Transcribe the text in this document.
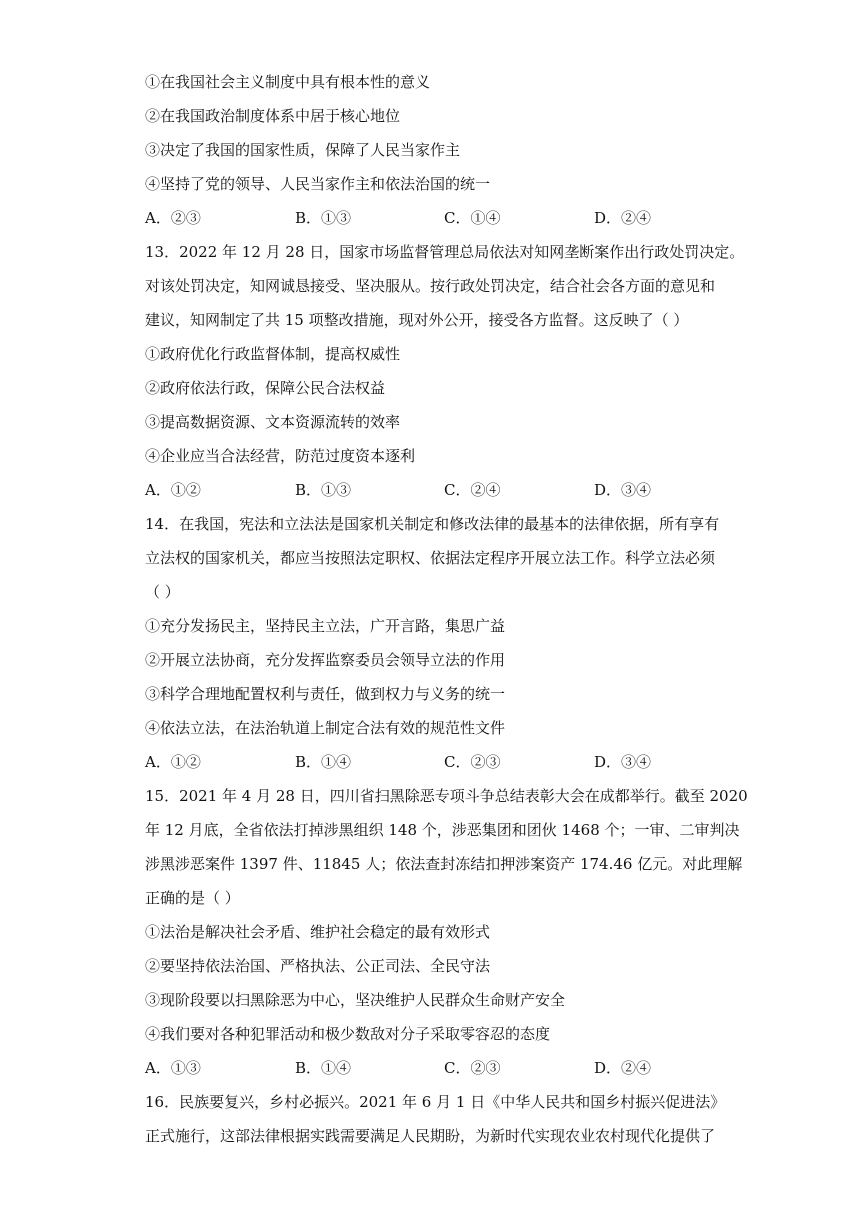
①在我国社会主义制度中具有根本性的意义
②在我国政治制度体系中居于核心地位
③决定了我国的国家性质，保障了人民当家作主
④坚持了党的领导、人民当家作主和依法治国的统一
A．②③	B．①③	C．①④	D．②④
13．2022 年 12 月 28 日，国家市场监督管理总局依法对知网垄断案作出行政处罚决定。
对该处罚决定，知网诚恳接受、坚决服从。按行政处罚决定，结合社会各方面的意见和
建议，知网制定了共 15 项整改措施，现对外公开，接受各方监督。这反映了（ ）
①政府优化行政监督体制，提高权威性
②政府依法行政，保障公民合法权益
③提高数据资源、文本资源流转的效率
④企业应当合法经营，防范过度资本逐利
A．①②	B．①③	C．②④	D．③④
14．在我国，宪法和立法法是国家机关制定和修改法律的最基本的法律依据，所有享有
立法权的国家机关，都应当按照法定职权、依据法定程序开展立法工作。科学立法必须
（ ）
①充分发扬民主，坚持民主立法，广开言路，集思广益
②开展立法协商，充分发挥监察委员会领导立法的作用
③科学合理地配置权利与责任，做到权力与义务的统一
④依法立法，在法治轨道上制定合法有效的规范性文件
A．①②	B．①④	C．②③	D．③④
15．2021 年 4 月 28 日，四川省扫黑除恶专项斗争总结表彰大会在成都举行。截至 2020
年 12 月底，全省依法打掉涉黑组织 148 个，涉恶集团和团伙 1468 个；一审、二审判决
涉黑涉恶案件 1397 件、11845 人；依法查封冻结扣押涉案资产 174.46 亿元。对此理解
正确的是（ ）
①法治是解决社会矛盾、维护社会稳定的最有效形式
②要坚持依法治国、严格执法、公正司法、全民守法
③现阶段要以扫黑除恶为中心，坚决维护人民群众生命财产安全
④我们要对各种犯罪活动和极少数敌对分子采取零容忍的态度
A．①③	B．①④	C．②③	D．②④
16．民族要复兴，乡村必振兴。2021 年 6 月 1 日《中华人民共和国乡村振兴促进法》
正式施行，这部法律根据实践需要满足人民期盼，为新时代实现农业农村现代化提供了
